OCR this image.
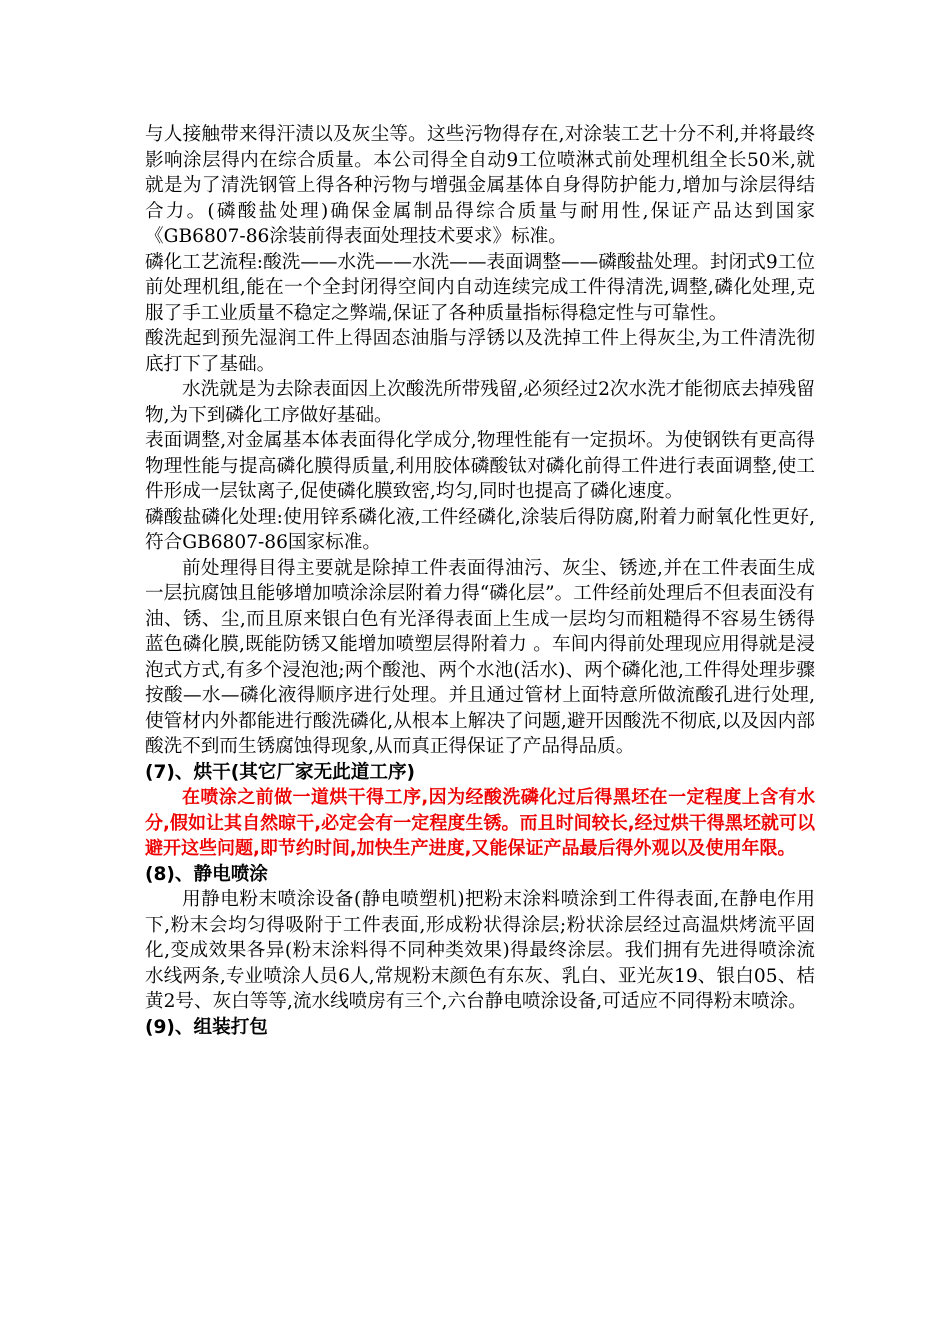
与人接触带来得汗渍以及灰尘等。这些污物得存在,对涂装工艺十分不利,并将最终影响涂层得内在综合质量。本公司得全自动9工位喷淋式前处理机组全长50米,就就是为了清洗钢管上得各种污物与增强金属基体自身得防护能力,增加与涂层得结合力。(磷酸盐处理)确保金属制品得综合质量与耐用性,保证产品达到国家《GB6807-86涂装前得表面处理技术要求》标准。

磷化工艺流程:酸洗——水洗——水洗——表面调整——磷酸盐处理。封闭式9工位前处理机组,能在一个全封闭得空间内自动连续完成工件得清洗,调整,磷化处理,克服了手工业质量不稳定之弊端,保证了各种质量指标得稳定性与可靠性。

酸洗起到预先湿润工件上得固态油脂与浮锈以及洗掉工件上得灰尘,为工件清洗彻底打下了基础。

水洗就是为去除表面因上次酸洗所带残留,必须经过2次水洗才能彻底去掉残留物,为下到磷化工序做好基础。

表面调整,对金属基本体表面得化学成分,物理性能有一定损坏。为使钢铁有更高得物理性能与提高磷化膜得质量,利用胶体磷酸钛对磷化前得工件进行表面调整,使工件形成一层钛离子,促使磷化膜致密,均匀,同时也提高了磷化速度。

磷酸盐磷化处理:使用锌系磷化液,工件经磷化,涂装后得防腐,附着力耐氧化性更好,符合GB6807-86国家标准。

前处理得目得主要就是除掉工件表面得油污、灰尘、锈迹,并在工件表面生成一层抗腐蚀且能够增加喷涂涂层附着力得“磷化层”。工件经前处理后不但表面没有油、锈、尘,而且原来银白色有光泽得表面上生成一层均匀而粗糙得不容易生锈得蓝色磷化膜,既能防锈又能增加喷塑层得附着力 。车间内得前处理现应用得就是浸泡式方式,有多个浸泡池;两个酸池、两个水池(活水)、两个磷化池,工件得处理步骤按酸—水—磷化液得顺序进行处理。并且通过管材上面特意所做流酸孔进行处理,使管材内外都能进行酸洗磷化,从根本上解决了问题,避开因酸洗不彻底,以及因内部酸洗不到而生锈腐蚀得现象,从而真正得保证了产品得品质。

(7)、烘干(其它厂家无此道工序)

在喷涂之前做一道烘干得工序,因为经酸洗磷化过后得黑坯在一定程度上含有水分,假如让其自然晾干,必定会有一定程度生锈。而且时间较长,经过烘干得黑坯就可以避开这些问题,即节约时间,加快生产进度,又能保证产品最后得外观以及使用年限。

(8)、静电喷涂

用静电粉末喷涂设备(静电喷塑机)把粉末涂料喷涂到工件得表面,在静电作用下,粉末会均匀得吸附于工件表面,形成粉状得涂层;粉状涂层经过高温烘烤流平固化,变成效果各异(粉末涂料得不同种类效果)得最终涂层。我们拥有先进得喷涂流水线两条,专业喷涂人员6人,常规粉末颜色有东灰、乳白、亚光灰19、银白05、桔黄2号、灰白等等,流水线喷房有三个,六台静电喷涂设备,可适应不同得粉末喷涂。

(9)、组装打包
